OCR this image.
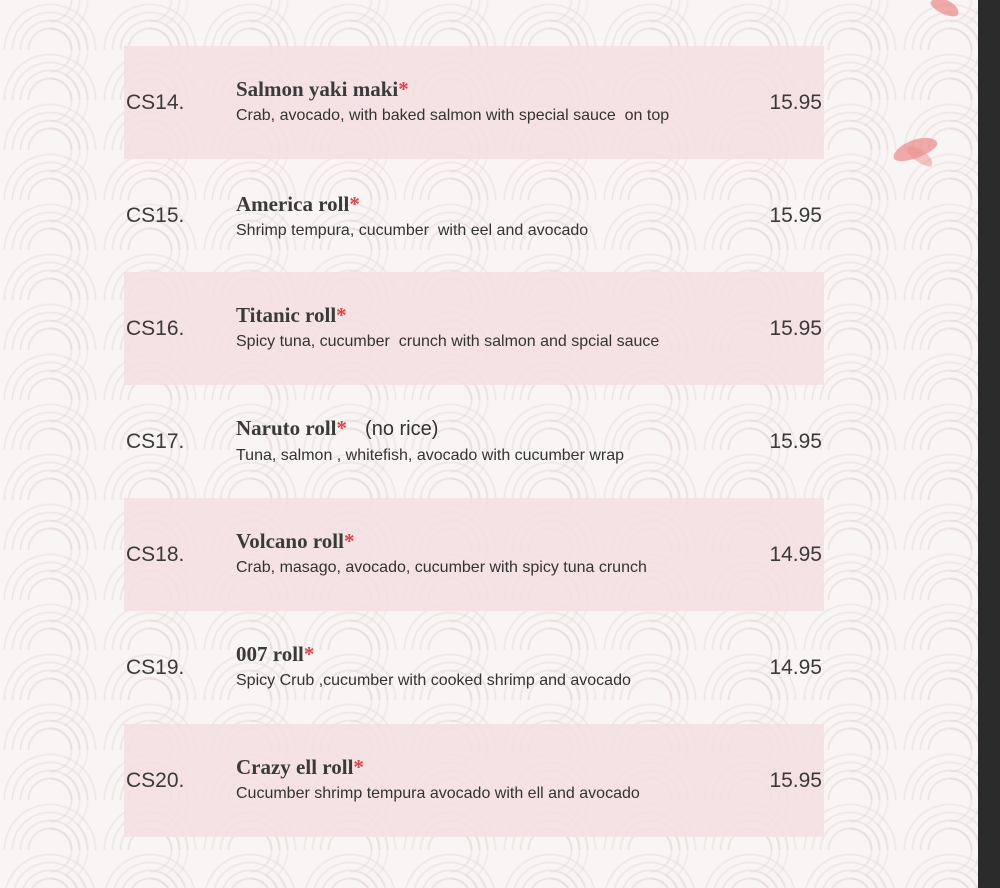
CS14.
Salmon yaki maki*
Crab, avocado, with baked salmon with special sauce  on top
15.95
CS15. America roll*
Shrimp tempura, cucumber  with eel and avocado
15.95
CS16.
Titanic roll*
Spicy tuna, cucumber  crunch with salmon and spcial sauce
15.95
CS17.
Naruto roll* (no rice)
Tuna, salmon , whitefish, avocado with cucumber wrap
15.95
CS18.
Volcano roll*
Crab, masago, avocado, cucumber with spicy tuna crunch
14.95
CS19.
007 roll*
Spicy Crub ,cucumber with cooked shrimp and avocado
14.95
CS20.
Crazy ell roll*
Cucumber shrimp tempura avocado with ell and avocado
15.95
